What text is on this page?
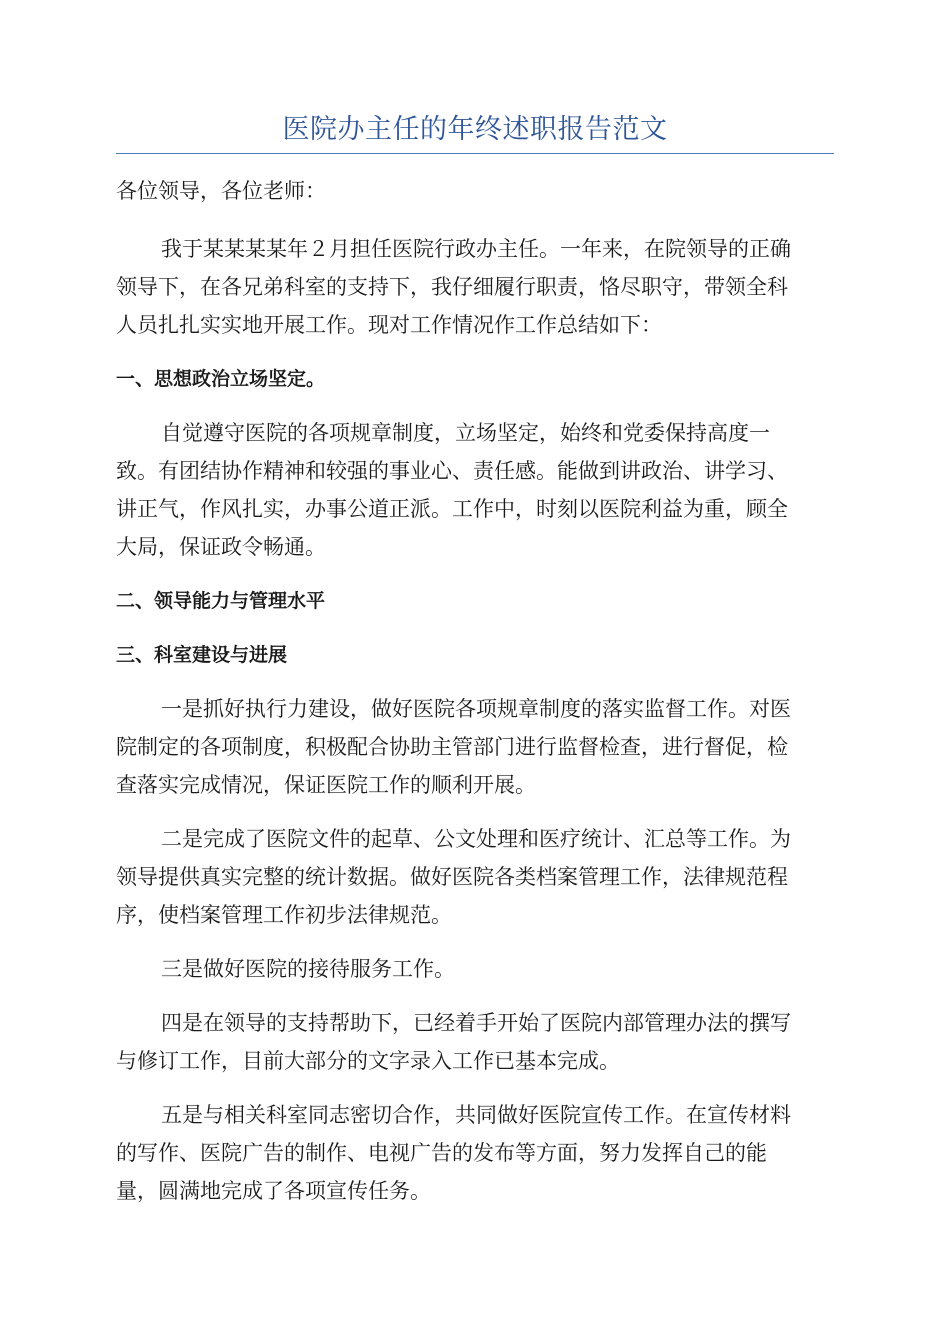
医院办主任的年终述职报告范文

各位领导，各位老师：

我于某某某某年２月担任医院行政办主任。一年来，在院领导的正确

领导下，在各兄弟科室的支持下，我仔细履行职责，恪尽职守，带领全科

人员扎扎实实地开展工作。现对工作情况作工作总结如下：

一、思想政治立场坚定。

自觉遵守医院的各项规章制度，立场坚定，始终和党委保持高度一

致。有团结协作精神和较强的事业心、责任感。能做到讲政治、讲学习、

讲正气，作风扎实，办事公道正派。工作中，时刻以医院利益为重，顾全

大局，保证政令畅通。

二、领导能力与管理水平

三、科室建设与进展

一是抓好执行力建设，做好医院各项规章制度的落实监督工作。对医

院制定的各项制度，积极配合协助主管部门进行监督检查，进行督促，检

查落实完成情况，保证医院工作的顺利开展。

二是完成了医院文件的起草、公文处理和医疗统计、汇总等工作。为

领导提供真实完整的统计数据。做好医院各类档案管理工作，法律规范程

序，使档案管理工作初步法律规范。

三是做好医院的接待服务工作。

四是在领导的支持帮助下，已经着手开始了医院内部管理办法的撰写

与修订工作，目前大部分的文字录入工作已基本完成。

五是与相关科室同志密切合作，共同做好医院宣传工作。在宣传材料

的写作、医院广告的制作、电视广告的发布等方面，努力发挥自己的能

量，圆满地完成了各项宣传任务。
